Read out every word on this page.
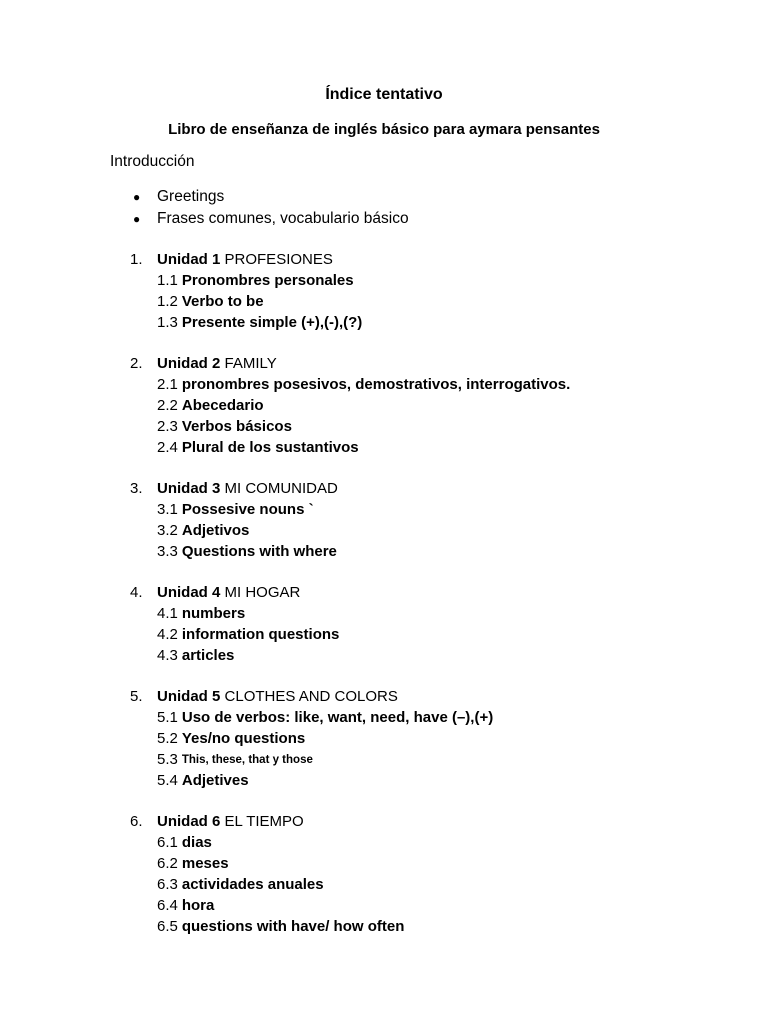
Índice tentativo
Libro de enseñanza de inglés básico para aymara pensantes
Introducción
●	Greetings
●	Frases comunes, vocabulario básico
1. Unidad 1
PROFESIONES
1.1 Pronombres personales
1.2 Verbo to be
1.3 Presente simple (+),(-),(?)
2. Unidad 2
FAMILY
2.1 pronombres posesivos, demostrativos, interrogativos.
2.2 Abecedario
2.3 Verbos básicos
2.4 Plural de los sustantivos
3. Unidad 3
MI COMUNIDAD
3.1 Possesive nouns `
3.2 Adjetivos
3.3 Questions with where
4. Unidad 4
MI HOGAR
4.1 numbers
4.2 information questions
4.3 articles
5. Unidad 5
CLOTHES AND COLORS
5.1 Uso de verbos: like, want, need, have (–),(+)
5.2 Yes/no questions
5.3 This, these, that y those
5.4 Adjetives
6. Unidad 6
EL TIEMPO
6.1 dias
6.2 meses
6.3 actividades anuales
6.4 hora
6.5 questions with have/ how often
